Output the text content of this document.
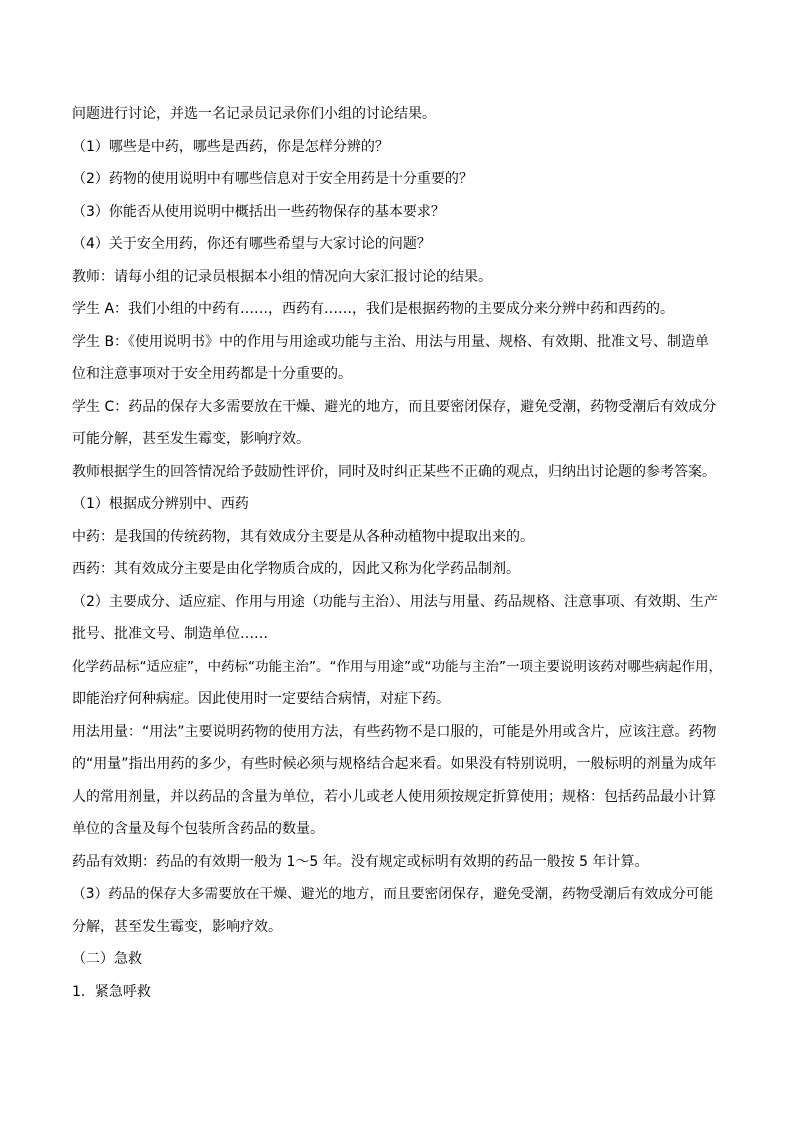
问题进行讨论，并选一名记录员记录你们小组的讨论结果。
（1）哪些是中药，哪些是西药，你是怎样分辨的？
（2）药物的使用说明中有哪些信息对于安全用药是十分重要的？
（3）你能否从使用说明中概括出一些药物保存的基本要求？
（4）关于安全用药，你还有哪些希望与大家讨论的问题？
教师：请每小组的记录员根据本小组的情况向大家汇报讨论的结果。
学生 A：我们小组的中药有……，西药有……，我们是根据药物的主要成分来分辨中药和西药的。
学生 B：《使用说明书》中的作用与用途或功能与主治、用法与用量、规格、有效期、批准文号、制造单
位和注意事项对于安全用药都是十分重要的。
学生 C：药品的保存大多需要放在干燥、避光的地方，而且要密闭保存，避免受潮，药物受潮后有效成分
可能分解，甚至发生霉变，影响疗效。
教师根据学生的回答情况给予鼓励性评价，同时及时纠正某些不正确的观点，归纳出讨论题的参考答案。
（1）根据成分辨别中、西药
中药：是我国的传统药物，其有效成分主要是从各种动植物中提取出来的。
西药：其有效成分主要是由化学物质合成的，因此又称为化学药品制剂。
（2）主要成分、适应症、作用与用途（功能与主治）、用法与用量、药品规格、注意事项、有效期、生产
批号、批准文号、制造单位……
化学药品标“适应症”，中药标“功能主治”。“作用与用途”或“功能与主治”一项主要说明该药对哪些病起作用，
即能治疗何种病症。因此使用时一定要结合病情，对症下药。
用法用量：“用法”主要说明药物的使用方法，有些药物不是口服的，可能是外用或含片，应该注意。药物
的“用量”指出用药的多少，有些时候必须与规格结合起来看。如果没有特别说明，一般标明的剂量为成年
人的常用剂量，并以药品的含量为单位，若小儿或老人使用须按规定折算使用；规格：包括药品最小计算
单位的含量及每个包装所含药品的数量。
药品有效期：药品的有效期一般为 1～5 年。没有规定或标明有效期的药品一般按 5 年计算。
（3）药品的保存大多需要放在干燥、避光的地方，而且要密闭保存，避免受潮，药物受潮后有效成分可能
分解，甚至发生霉变，影响疗效。
（二）急救
1．紧急呼救
